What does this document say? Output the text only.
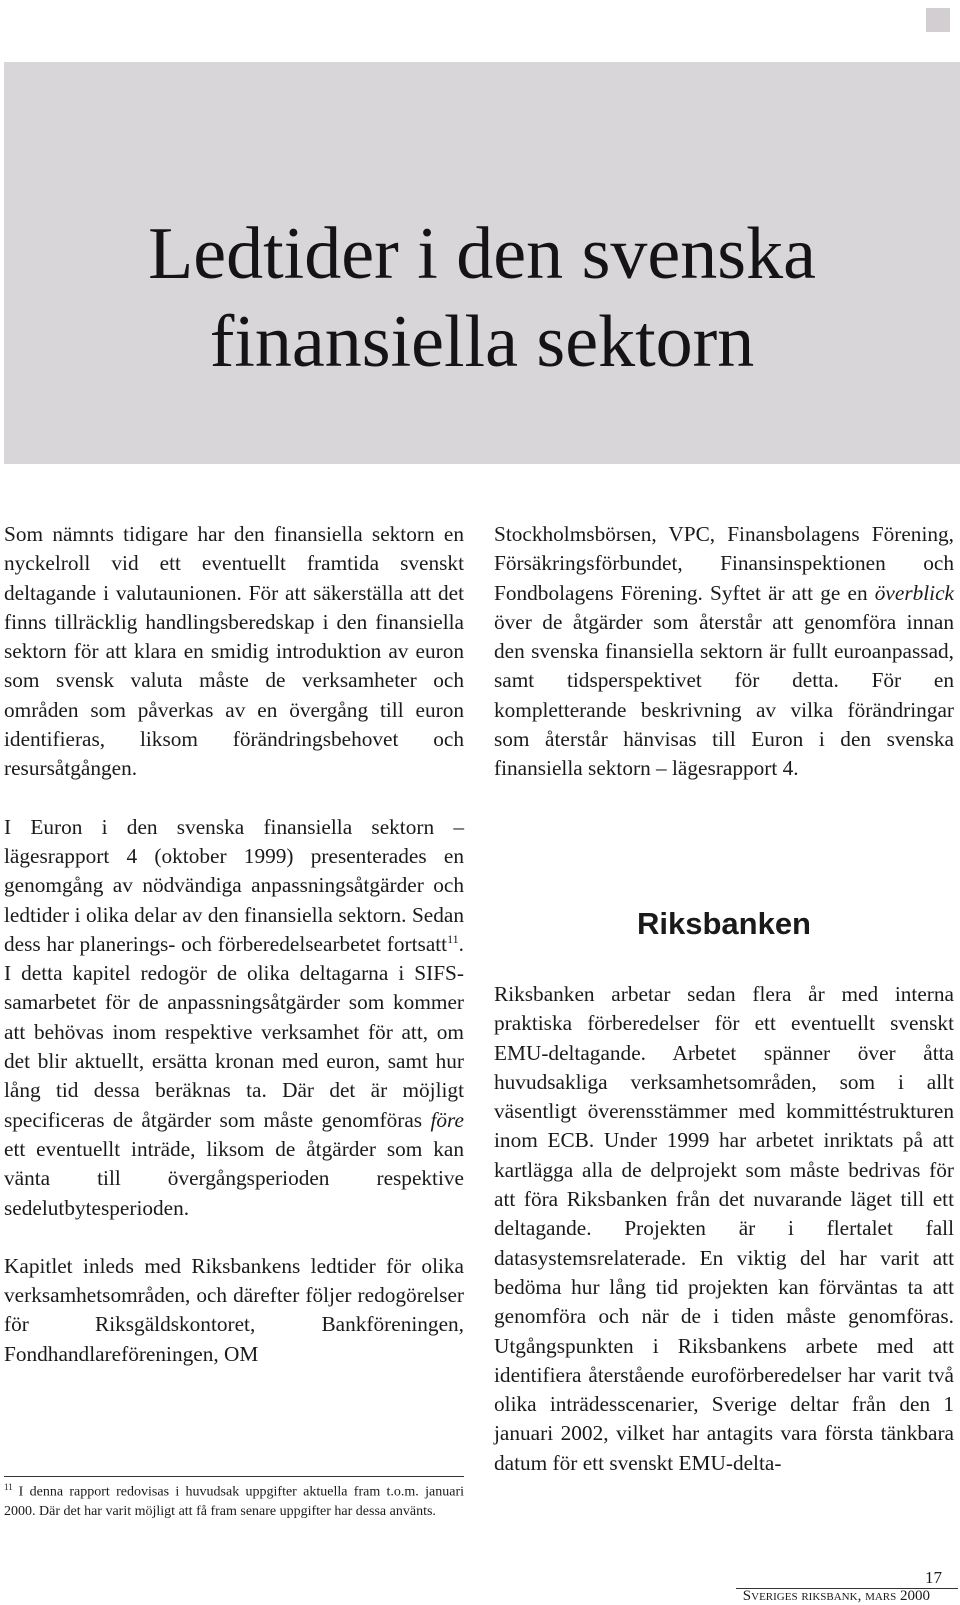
Ledtider i den svenska
finansiella sektorn

Som nämnts tidigare har den finansiella sektorn en nyckelroll vid ett eventuellt framtida svenskt deltagande i valutaunionen. För att säkerställa att det finns tillräcklig handlingsberedskap i den finansiella sektorn för att klara en smidig introduktion av euron som svensk valuta måste de verksamheter och områden som påverkas av en övergång till euron identifieras, liksom förändringsbehovet och resursåtgången.

I Euron i den svenska finansiella sektorn – lägesrapport 4 (oktober 1999) presenterades en genomgång av nödvändiga anpassningsåtgärder och ledtider i olika delar av den finansiella sektorn. Sedan dess har planerings- och förberedelsearbetet fortsatt$^{11}$. I detta kapitel redogör de olika deltagarna i SIFS-samarbetet för de anpassningsåtgärder som kommer att behövas inom respektive verksamhet för att, om det blir aktuellt, ersätta kronan med euron, samt hur lång tid dessa beräknas ta. Där det är möjligt specificeras de åtgärder som måste genomföras före ett eventuellt inträde, liksom de åtgärder som kan vänta till övergångsperioden respektive sedelutbytesperioden.

Kapitlet inleds med Riksbankens ledtider för olika verksamhetsområden, och därefter följer redogörelser för Riksgäldskontoret, Bankföreningen, Fondhandlareföreningen, OM

Stockholmsbörsen, VPC, Finansbolagens Förening, Försäkringsförbundet, Finansinspektionen och Fondbolagens Förening. Syftet är att ge en överblick över de åtgärder som återstår att genomföra innan den svenska finansiella sektorn är fullt euroanpassad, samt tidsperspektivet för detta. För en kompletterande beskrivning av vilka förändringar som återstår hänvisas till Euron i den svenska finansiella sektorn – lägesrapport 4.

Riksbanken

Riksbanken arbetar sedan flera år med interna praktiska förberedelser för ett eventuellt svenskt EMU-deltagande. Arbetet spänner över åtta huvudsakliga verksamhetsområden, som i allt väsentligt överensstämmer med kommittéstrukturen inom ECB. Under 1999 har arbetet inriktats på att kartlägga alla de delprojekt som måste bedrivas för att föra Riksbanken från det nuvarande läget till ett deltagande. Projekten är i flertalet fall datasystemsrelaterade. En viktig del har varit att bedöma hur lång tid projekten kan förväntas ta att genomföra och när de i tiden måste genomföras. Utgångspunkten i Riksbankens arbete med att identifiera återstående euroförberedelser har varit två olika inträdesscenarier, Sverige deltar från den 1 januari 2002, vilket har antagits vara första tänkbara datum för ett svenskt EMU-delta-

$^{11}$ I denna rapport redovisas i huvudsak uppgifter aktuella fram t.o.m. januari 2000. Där det har varit möjligt att få fram senare uppgifter har dessa använts.

17
Sveriges riksbank, mars 2000
